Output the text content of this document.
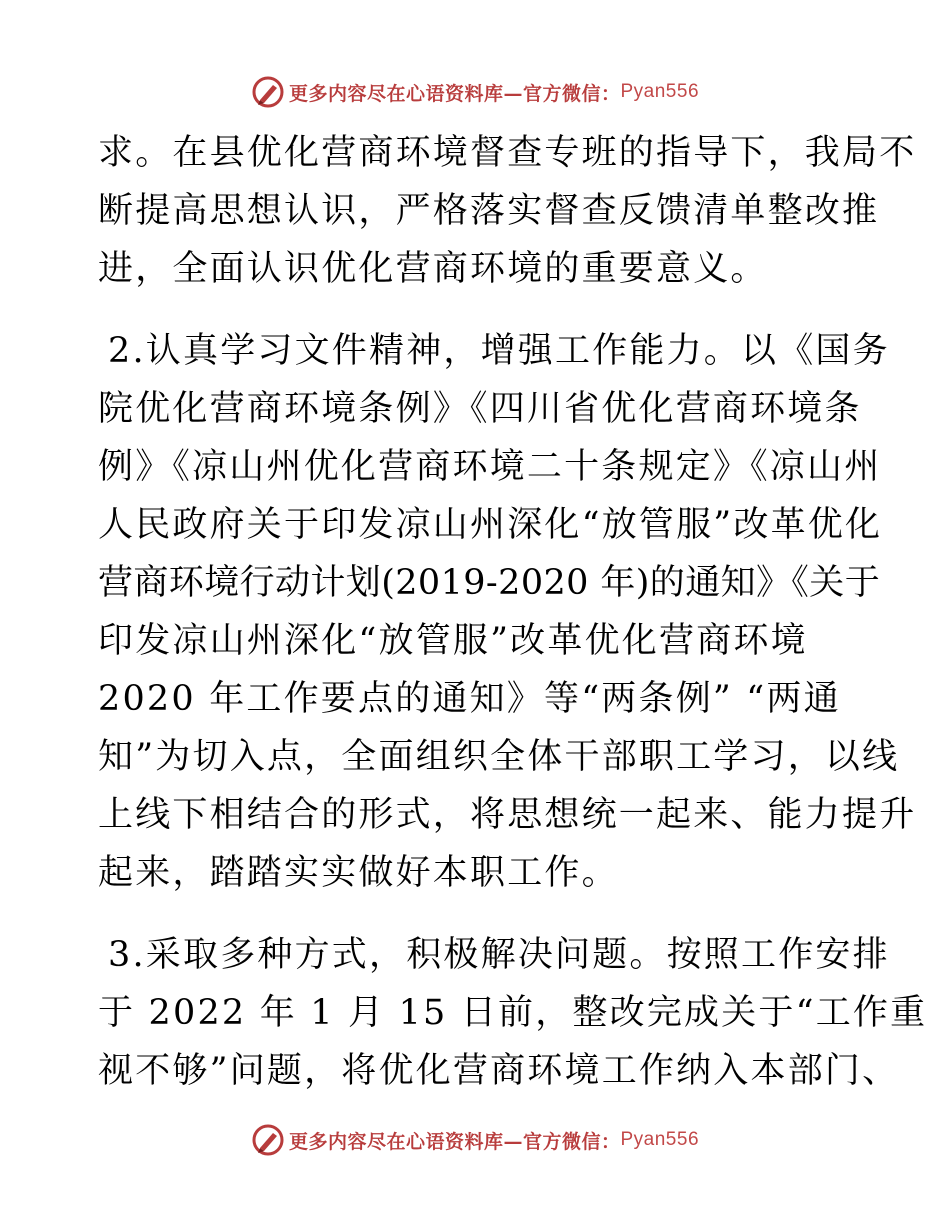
更多内容尽在心语资料库—官方微信： Pyan556
求。在县优化营商环境督查专班的指导下，我局不
断提高思想认识，严格落实督查反馈清单整改推
进，全面认识优化营商环境的重要意义。
2.认真学习文件精神，增强工作能力。以《国务
院优化营商环境条例》《四川省优化营商环境条
例》《凉山州优化营商环境二十条规定》《凉山州
人民政府关于印发凉山州深化“放管服”改革优化
营商环境行动计划(2019-2020 年)的通知》《关于
印发凉山州深化“放管服”改革优化营商环境
2020 年工作要点的通知》等“两条例” “两通
知”为切入点，全面组织全体干部职工学习，以线
上线下相结合的形式，将思想统一起来、能力提升
起来，踏踏实实做好本职工作。
3.采取多种方式，积极解决问题。按照工作安排
于 2022 年 1 月 15 日前，整改完成关于“工作重
视不够”问题，将优化营商环境工作纳入本部门、
更多内容尽在心语资料库—官方微信： Pyan556
